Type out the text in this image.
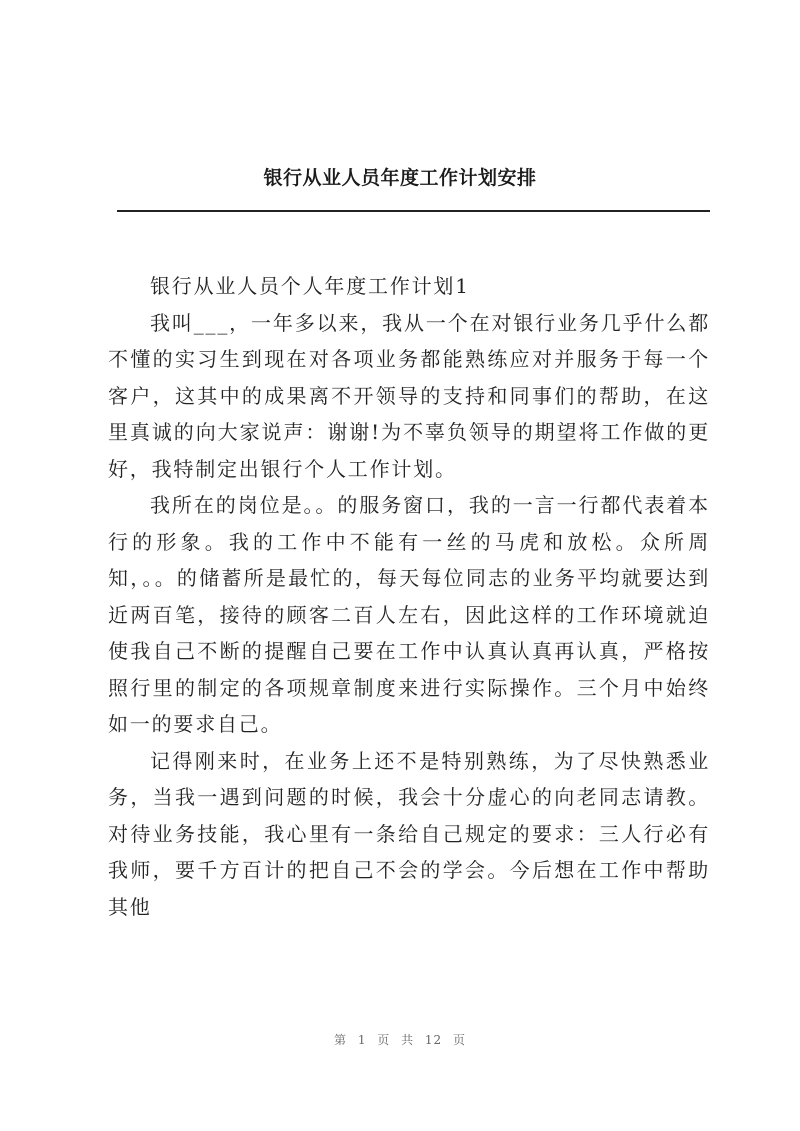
银行从业人员年度工作计划安排

银行从业人员个人年度工作计划1

我叫___，一年多以来，我从一个在对银行业务几乎什么都不懂的实习生到现在对各项业务都能熟练应对并服务于每一个客户，这其中的成果离不开领导的支持和同事们的帮助，在这里真诚的向大家说声：谢谢!为不辜负领导的期望将工作做的更好，我特制定出银行个人工作计划。

我所在的岗位是。。的服务窗口，我的一言一行都代表着本行的形象。我的工作中不能有一丝的马虎和放松。众所周知，。。的储蓄所是最忙的，每天每位同志的业务平均就要达到近两百笔，接待的顾客二百人左右，因此这样的工作环境就迫使我自己不断的提醒自己要在工作中认真认真再认真，严格按照行里的制定的各项规章制度来进行实际操作。三个月中始终如一的要求自己。

记得刚来时，在业务上还不是特别熟练，为了尽快熟悉业务，当我一遇到问题的时候，我会十分虚心的向老同志请教。对待业务技能，我心里有一条给自己规定的要求：三人行必有我师，要千方百计的把自己不会的学会。今后想在工作中帮助其他

第 1 页 共 12 页
